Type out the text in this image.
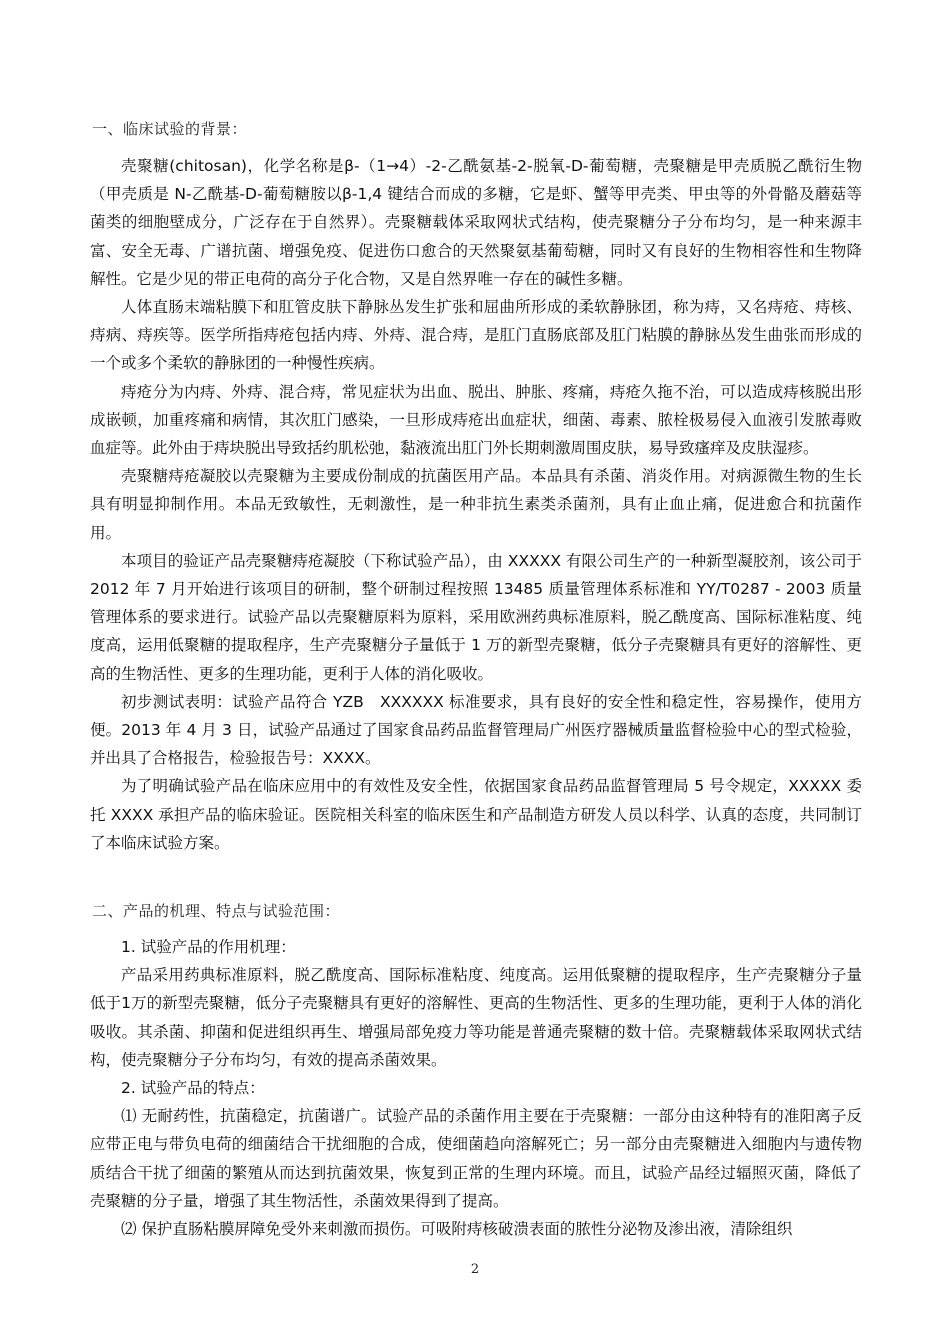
一、临床试验的背景：

壳聚糖(chitosan)，化学名称是β-（1→4）-2-乙酰氨基-2-脱氧-D-葡萄糖，壳聚糖是甲壳质脱乙酰衍生物（甲壳质是 N-乙酰基-D-葡萄糖胺以β-1,4 键结合而成的多糖，它是虾、蟹等甲壳类、甲虫等的外骨骼及蘑菇等菌类的细胞壁成分，广泛存在于自然界）。壳聚糖载体采取网状式结构，使壳聚糖分子分布均匀，是一种来源丰富、安全无毒、广谱抗菌、增强免疫、促进伤口愈合的天然聚氨基葡萄糖，同时又有良好的生物相容性和生物降解性。它是少见的带正电荷的高分子化合物，又是自然界唯一存在的碱性多糖。

人体直肠末端粘膜下和肛管皮肤下静脉丛发生扩张和屈曲所形成的柔软静脉团，称为痔，又名痔疮、痔核、痔病、痔疾等。医学所指痔疮包括内痔、外痔、混合痔，是肛门直肠底部及肛门粘膜的静脉丛发生曲张而形成的一个或多个柔软的静脉团的一种慢性疾病。

痔疮分为内痔、外痔、混合痔，常见症状为出血、脱出、肿胀、疼痛，痔疮久拖不治，可以造成痔核脱出形成嵌顿，加重疼痛和病情，其次肛门感染，一旦形成痔疮出血症状，细菌、毒素、脓栓极易侵入血液引发脓毒败血症等。此外由于痔块脱出导致括约肌松弛，黏液流出肛门外长期刺激周围皮肤，易导致瘙痒及皮肤湿疹。

壳聚糖痔疮凝胶以壳聚糖为主要成份制成的抗菌医用产品。本品具有杀菌、消炎作用。对病源微生物的生长具有明显抑制作用。本品无致敏性，无刺激性，是一种非抗生素类杀菌剂，具有止血止痛，促进愈合和抗菌作用。

本项目的验证产品壳聚糖痔疮凝胶（下称试验产品），由 XXXXX 有限公司生产的一种新型凝胶剂，该公司于 2012 年 7 月开始进行该项目的研制，整个研制过程按照 13485 质量管理体系标准和 YY/T0287 - 2003 质量管理体系的要求进行。试验产品以壳聚糖原料为原料，采用欧洲药典标准原料，脱乙酰度高、国际标准粘度、纯度高，运用低聚糖的提取程序，生产壳聚糖分子量低于 1 万的新型壳聚糖，低分子壳聚糖具有更好的溶解性、更高的生物活性、更多的生理功能，更利于人体的消化吸收。

初步测试表明：试验产品符合 YZB　XXXXXX 标准要求，具有良好的安全性和稳定性，容易操作，使用方便。2013 年 4 月 3 日，试验产品通过了国家食品药品监督管理局广州医疗器械质量监督检验中心的型式检验，并出具了合格报告，检验报告号：XXXX。

为了明确试验产品在临床应用中的有效性及安全性，依据国家食品药品监督管理局 5 号令规定，XXXXX 委托 XXXX 承担产品的临床验证。医院相关科室的临床医生和产品制造方研发人员以科学、认真的态度，共同制订了本临床试验方案。

二、产品的机理、特点与试验范围：

1. 试验产品的作用机理：

产品采用药典标准原料，脱乙酰度高、国际标准粘度、纯度高。运用低聚糖的提取程序，生产壳聚糖分子量低于1万的新型壳聚糖，低分子壳聚糖具有更好的溶解性、更高的生物活性、更多的生理功能，更利于人体的消化吸收。其杀菌、抑菌和促进组织再生、增强局部免疫力等功能是普通壳聚糖的数十倍。壳聚糖载体采取网状式结构，使壳聚糖分子分布均匀，有效的提高杀菌效果。

2. 试验产品的特点：

⑴ 无耐药性，抗菌稳定，抗菌谱广。试验产品的杀菌作用主要在于壳聚糖：一部分由这种特有的准阳离子反应带正电与带负电荷的细菌结合干扰细胞的合成，使细菌趋向溶解死亡；另一部分由壳聚糖进入细胞内与遗传物质结合干扰了细菌的繁殖从而达到抗菌效果，恢复到正常的生理内环境。而且，试验产品经过辐照灭菌，降低了壳聚糖的分子量，增强了其生物活性，杀菌效果得到了提高。

⑵ 保护直肠粘膜屏障免受外来刺激而损伤。可吸附痔核破溃表面的脓性分泌物及渗出液，清除组织

2
